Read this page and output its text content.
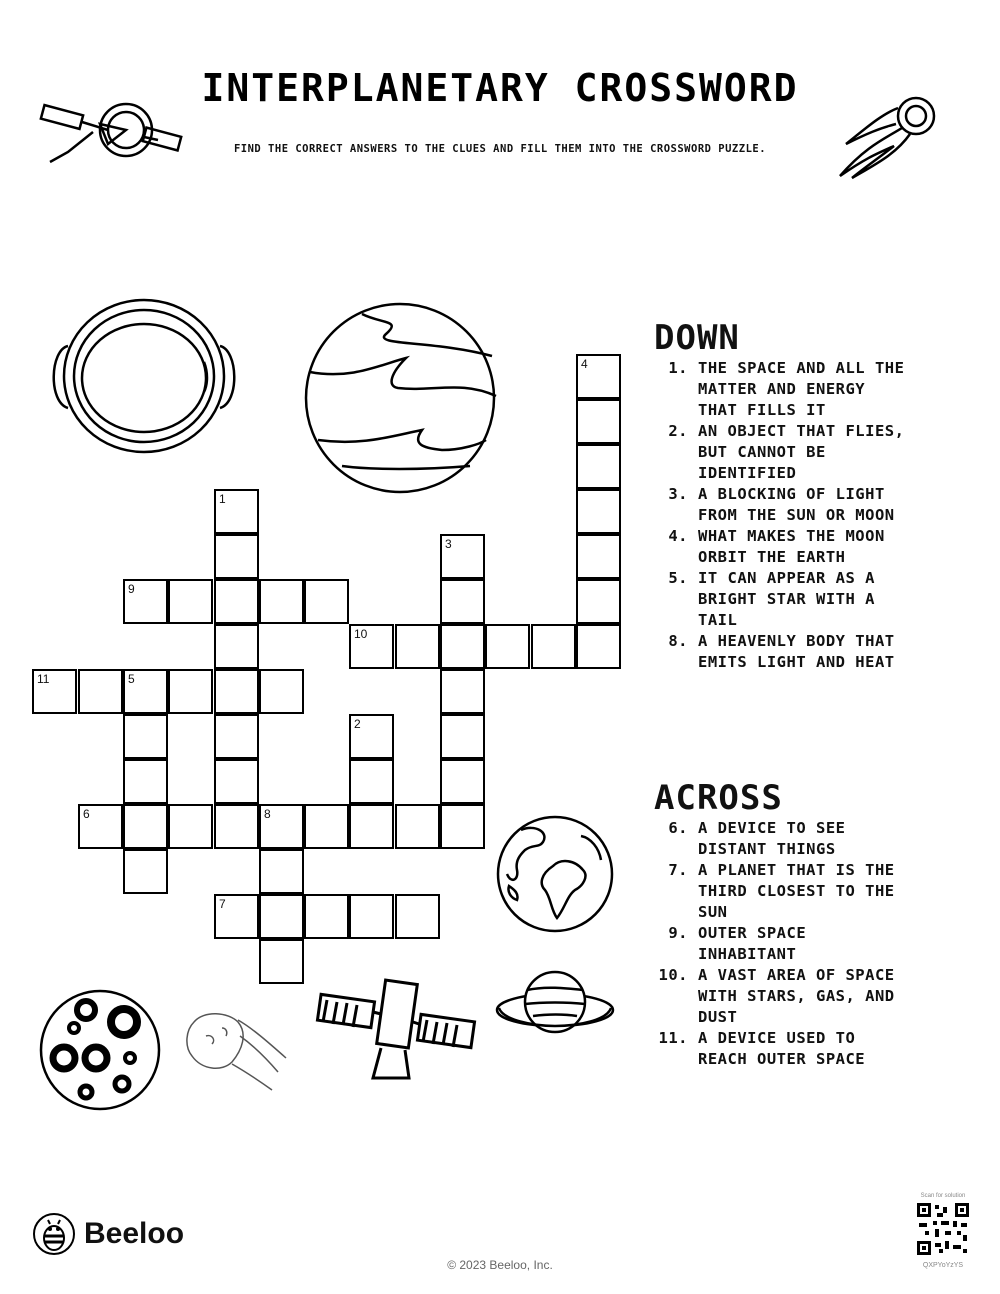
INTERPLANETARY CROSSWORD
FIND THE CORRECT ANSWERS TO THE CLUES AND FILL THEM INTO THE CROSSWORD PUZZLE.
4
1
3
9
10
11	5
2
6	8
7
DOWN
1. THE SPACE AND ALL THE MATTER AND ENERGY THAT FILLS IT
2. AN OBJECT THAT FLIES, BUT CANNOT BE IDENTIFIED
3. A BLOCKING OF LIGHT FROM THE SUN OR MOON
4. WHAT MAKES THE MOON ORBIT THE EARTH
5. IT CAN APPEAR AS A BRIGHT STAR WITH A TAIL
8. A HEAVENLY BODY THAT EMITS LIGHT AND HEAT
ACROSS
6. A DEVICE TO SEE DISTANT THINGS
7. A PLANET THAT IS THE THIRD CLOSEST TO THE SUN
9. OUTER SPACE INHABITANT
10. A VAST AREA OF SPACE WITH STARS, GAS, AND DUST
11. A DEVICE USED TO REACH OUTER SPACE
Beeloo
© 2023 Beeloo, Inc.
Scan for solution
QXPYoYzYS
